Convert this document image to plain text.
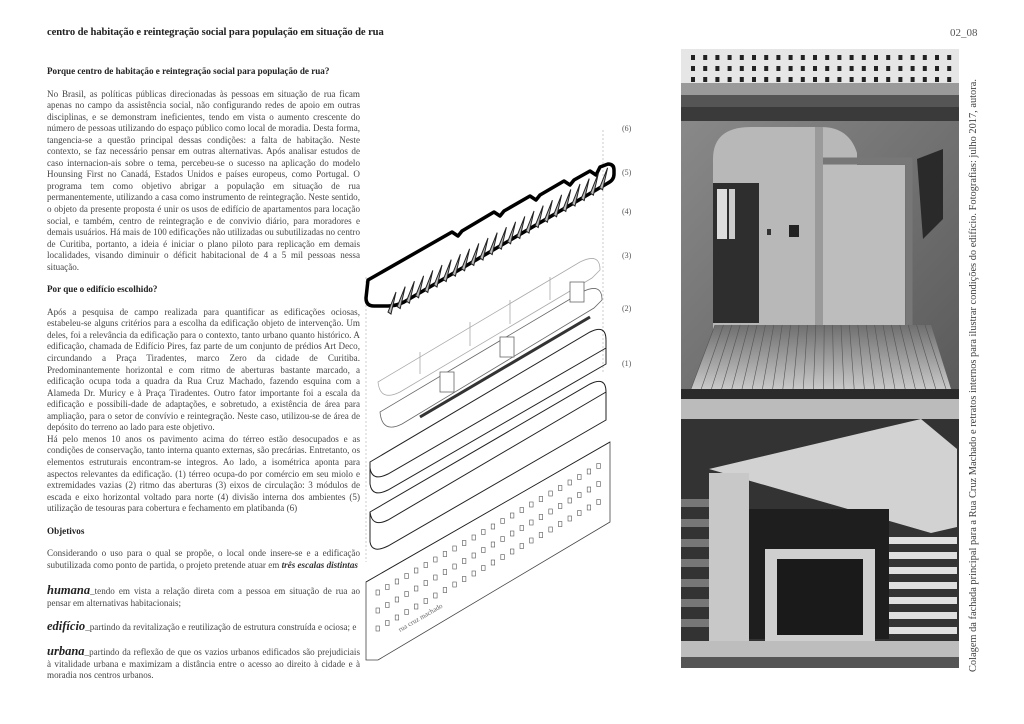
centro de habitação e reintegração social para população em situação de rua	02_08
Porque centro de habitação e reintegração social para população de rua?

No Brasil, as políticas públicas direcionadas às pessoas em situação de rua ficam apenas no campo da assistência social, não configurando redes de apoio em outras disciplinas, e se demonstram ineficientes, tendo em vista o aumento crescente do número de pessoas utilizando do espaço público como local de moradia. Desta forma, tangencia-se a questão principal dessas condições: a falta de habitação. Neste contexto, se faz necessário pensar em outras alternativas. Após analisar estudos de caso internacion-ais sobre o tema, percebeu-se o sucesso na aplicação do modelo Hounsing First no Canadá, Estados Unidos e países europeus, como Portugal. O programa tem como objetivo abrigar a população em situação de rua permanentemente, utilizando a casa como instrumento de reintegração. Neste sentido, o objeto da presente proposta é unir os usos de edifício de apartamentos para locação social, e também, centro de reintegração e de convivio diário, para moradores e demais usuários. Há mais de 100 edificações não utilizadas ou subutilizadas no centro de Curitiba, portanto, a ideia é iniciar o plano piloto para replicação em demais localidades, visando diminuir o déficit habitacional de 4 a 5 mil pessoas nessa situação.

Por que o edifício escolhido?

Após a pesquisa de campo realizada para quantificar as edificações ociosas, estabeleu-se alguns critérios para a escolha da edificação objeto de intervenção. Um deles, foi a relevância da edificação para o contexto, tanto urbano quanto histórico. A edificação, chamada de Edifício Pires, faz parte de um conjunto de prédios Art Deco, circundando a Praça Tiradentes, marco Zero da cidade de Curitiba. Predominantemente horizontal e com ritmo de aberturas bastante marcado, a edificação ocupa toda a quadra da Rua Cruz Machado, fazendo esquina com a Alameda Dr. Muricy e à Praça Tiradentes. Outro fator importante foi a escala da edificação e possibili-dade de adaptações, e sobretudo, a existência de área para ampliação, para o setor de convívio e reintegração. Neste caso, utilizou-se de área de depósito do terreno ao lado para este objetivo.

Há pelo menos 10 anos os pavimento acima do térreo estão desocupados e as condições de conservação, tanto interna quanto externas, são precárias. Entretanto, os elementos estruturais encontram-se integros. Ao lado, a isométrica aponta para aspectos relevantes da edificação. (1) térreo ocupa-do por comércio em seu miolo e extremidades vazias (2) ritmo das aberturas (3) eixos de circulação: 3 módulos de escada e eixo horizontal voltado para norte (4) divisão interna dos ambientes (5) utilização de tesouras para cobertura e fechamento em platibanda (6)

Objetivos

Considerando o uso para o qual se propõe, o local onde insere-se e a edificação subutilizada como ponto de partida, o projeto pretende atuar em três escalas distintas

humana_tendo em vista a relação direta com a pessoa em situação de rua ao pensar em alternativas habitacionais;

edifício_partindo da revitalização e reutilização de estrutura construída e ociosa; e

urbana_partindo da reflexão de que os vazios urbanos edificados são prejudiciais à vitalidade urbana e maximizam a distância entre o acesso ao direito à cidade e à moradia nos centros urbanos.

rua cruz machado
(6)
(5)
(4)
(3)
(2)
(1)	Colagem da fachada principal para a Rua Cruz Machado e retratos internos para ilustrar condições do edifício. Fotografias: julho 2017, autora.
